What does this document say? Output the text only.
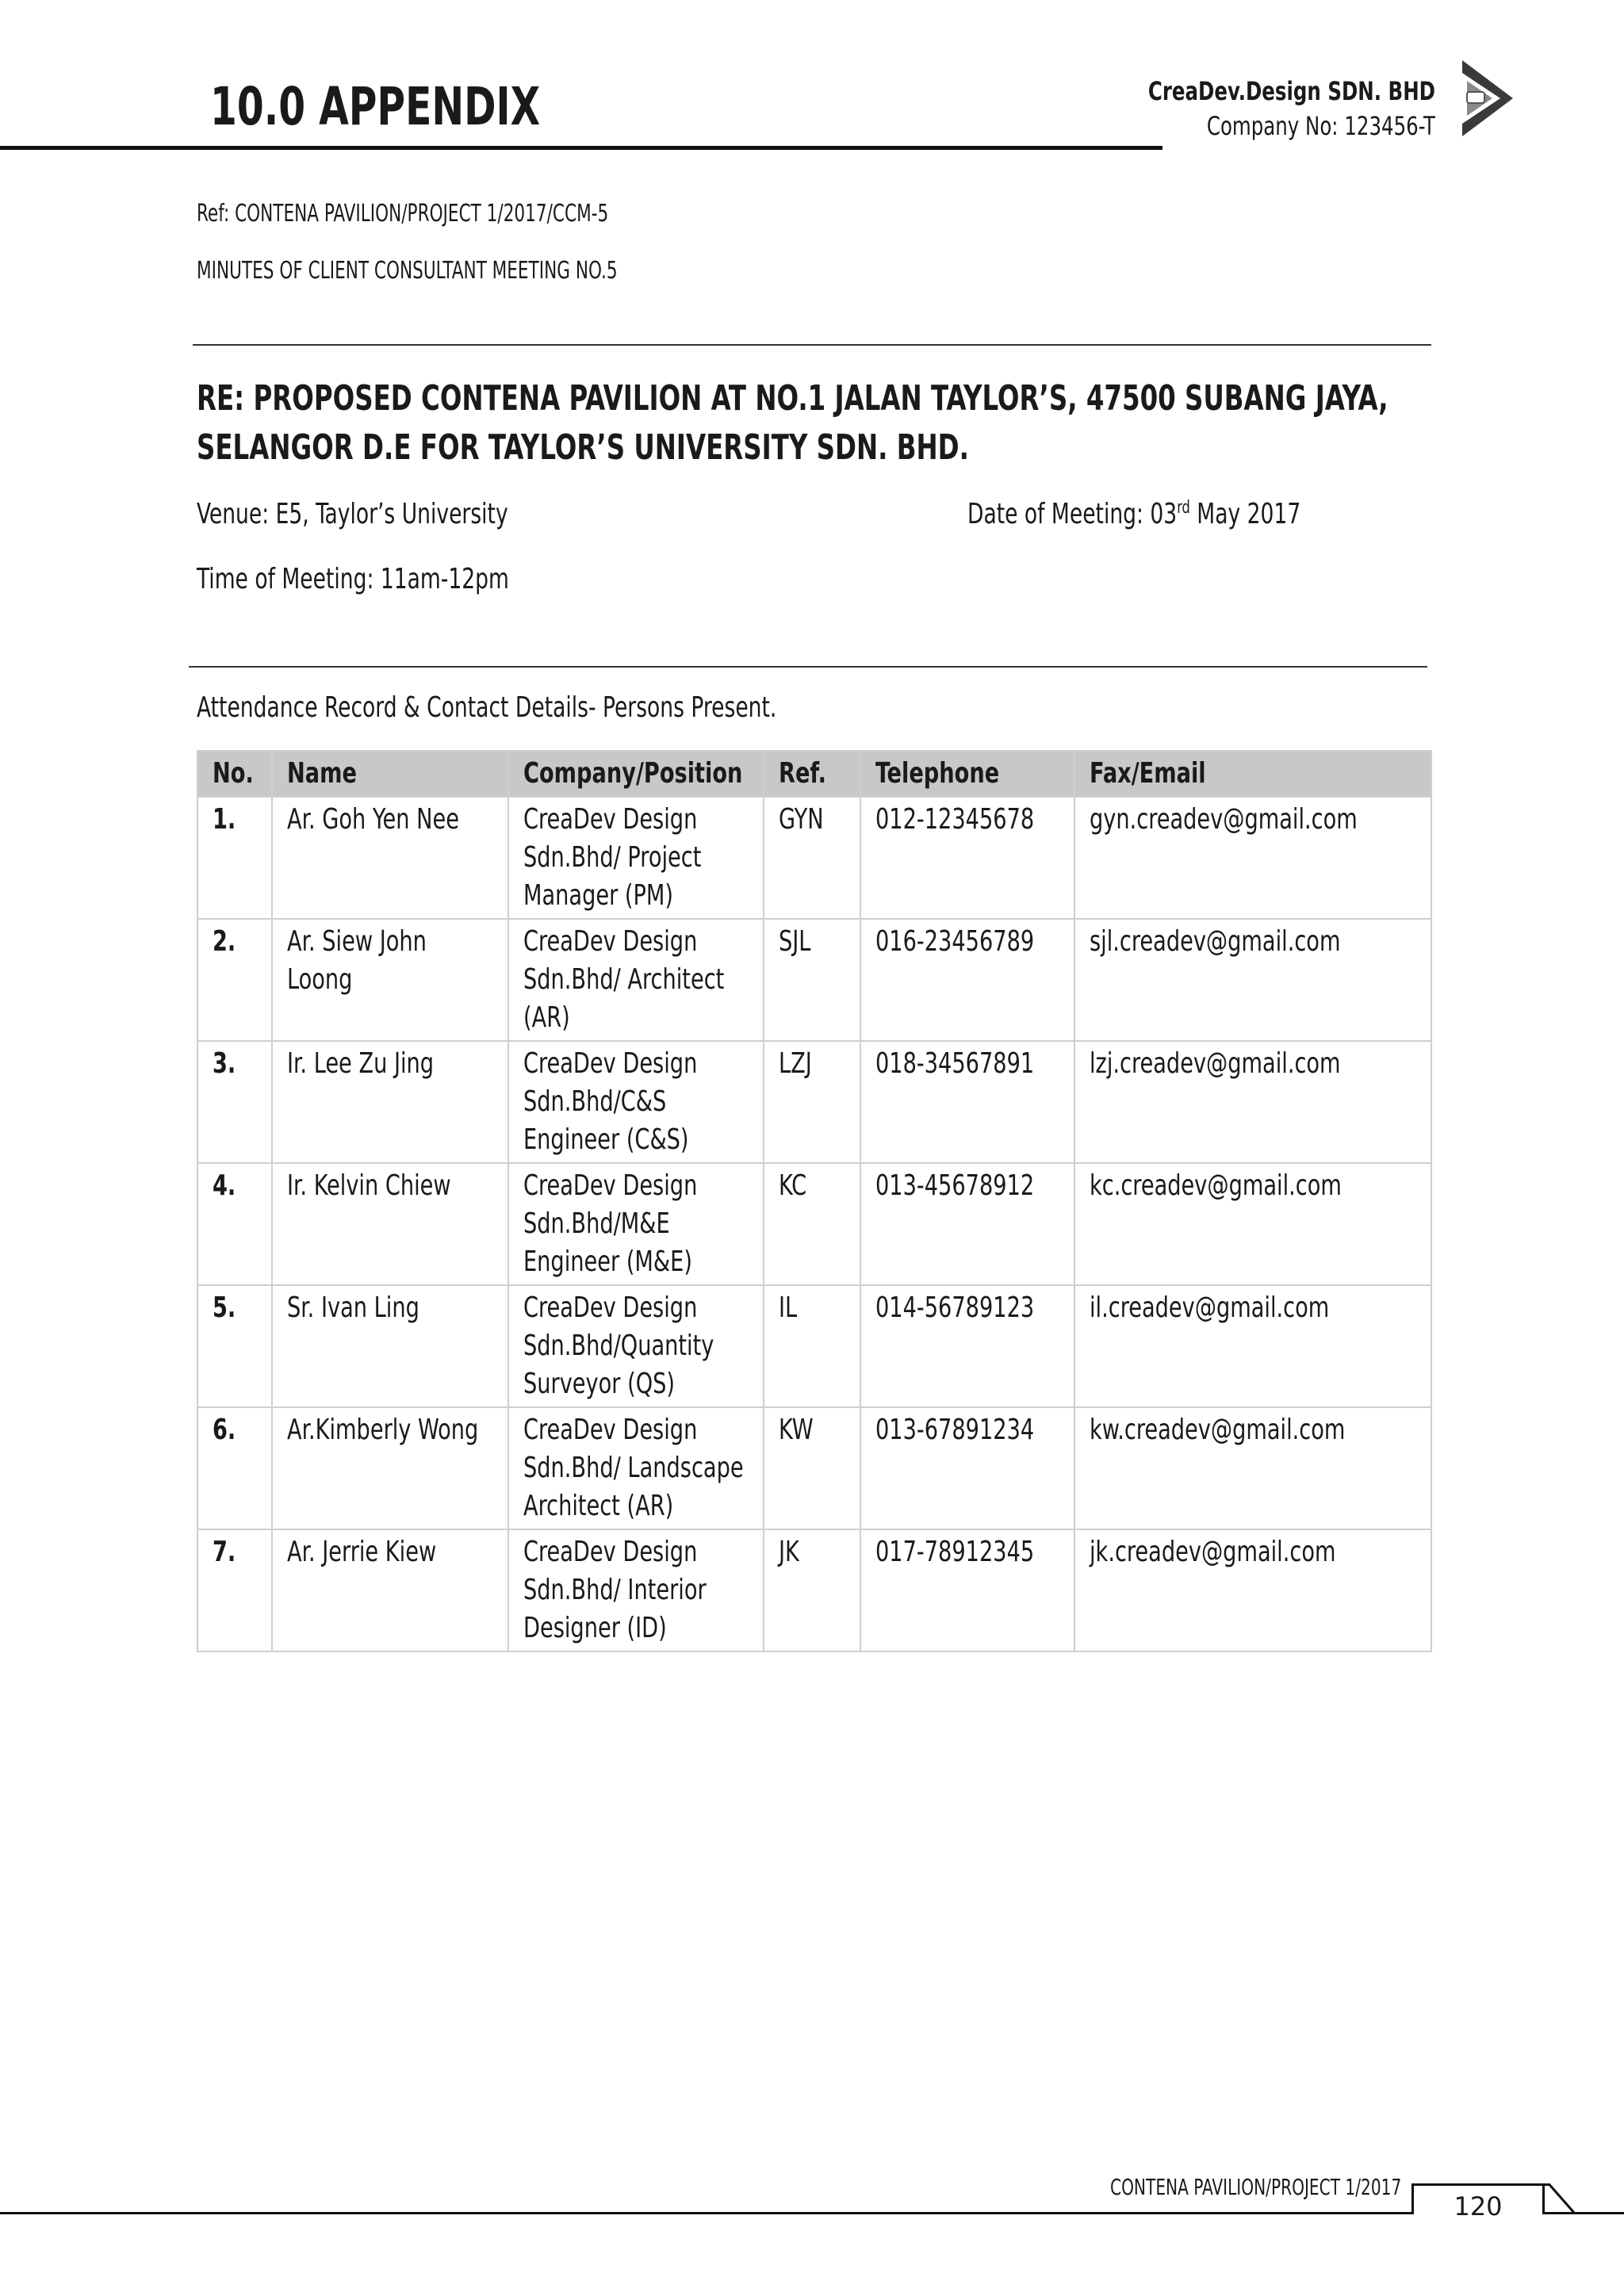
10.0 APPENDIX	CreaDev.Design SDN. BHD
Company No: 123456-T
Ref: CONTENA PAVILION/PROJECT 1/2017/CCM-5
MINUTES OF CLIENT CONSULTANT MEETING NO.5
RE: PROPOSED CONTENA PAVILION AT NO.1 JALAN TAYLOR’S, 47500 SUBANG JAYA, SELANGOR D.E FOR TAYLOR’S UNIVERSITY SDN. BHD.
Venue: E5, Taylor’s University	Date of Meeting: 03rd May 2017
Time of Meeting: 11am-12pm
Attendance Record & Contact Details- Persons Present.
No.	Name	Company/Position	Ref.	Telephone	Fax/Email

1.	Ar. Goh Yen Nee	CreaDev Design Sdn.Bhd/ Project Manager (PM)	GYN	012-12345678	gyn.creadev@gmail.com

2.	Ar. Siew John Loong	CreaDev Design Sdn.Bhd/ Architect (AR)	SJL	016-23456789	sjl.creadev@gmail.com

3.	Ir. Lee Zu Jing	CreaDev Design Sdn.Bhd/C&S Engineer (C&S)	LZJ	018-34567891	lzj.creadev@gmail.com

4.	Ir. Kelvin Chiew	CreaDev Design Sdn.Bhd/M&E Engineer (M&E)	KC	013-45678912	kc.creadev@gmail.com

5.	Sr. Ivan Ling	CreaDev Design Sdn.Bhd/Quantity Surveyor (QS)	IL	014-56789123	il.creadev@gmail.com

6.	Ar.Kimberly Wong	CreaDev Design Sdn.Bhd/ Landscape Architect (AR)	KW	013-67891234	kw.creadev@gmail.com

7.	Ar. Jerrie Kiew	CreaDev Design Sdn.Bhd/ Interior Designer (ID)	JK	017-78912345	jk.creadev@gmail.com
CONTENA PAVILION/PROJECT 1/2017
120
